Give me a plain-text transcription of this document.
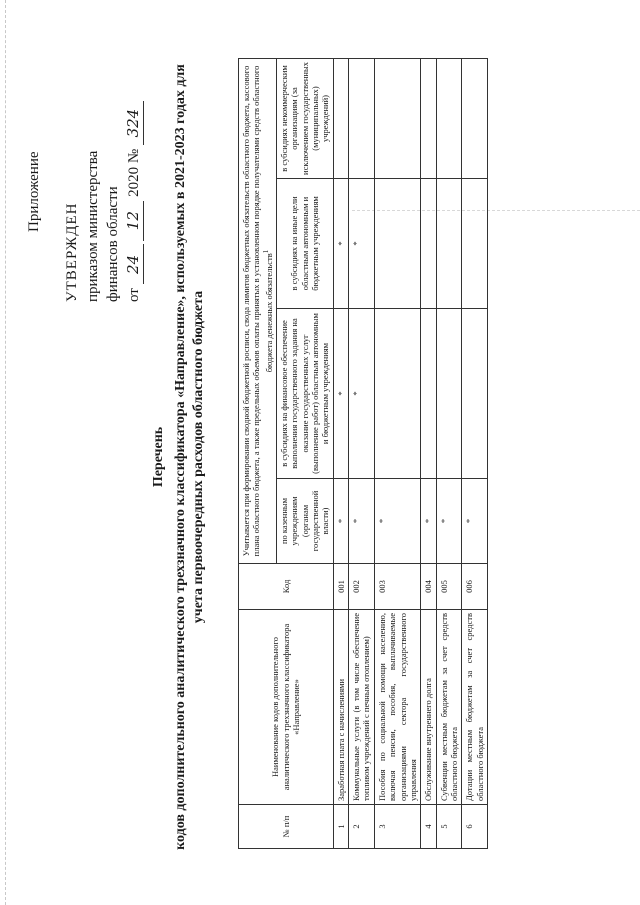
Приложение
УТВЕРЖДЕН приказом министерства финансов области от 24 12 2020 № 324
Перечень кодов дополнительного аналитического трехзначного классификатора «Направление», используемых в 2021-2023 годах для учета первоочередных расходов областного бюджета
№ п/п	Наименование кодов дополнительного аналитического трехзначного классификатора «Направление»	Код	Учитывается при формировании сводной бюджетной росписи, свода лимитов бюджетных обязательств областного бюджета, кассового плана областного бюджета, а также предельных объемов оплаты принятых в установленном порядке получателями средств областного бюджета денежных обязательств$^1$
			по казенным учреждениям (органам государственной власти)	в субсидиях на финансовое обеспечение выполнения государственного задания на оказание государственных услуг (выполнение работ) областным автономным и бюджетным учреждениям	в субсидиях на иные цели областным автономным и бюджетным учреждениям	в субсидиях некоммерческим организациям (за исключением государственных (муниципальных) учреждений)
1	Заработная плата с начислениями	001	*	*	*	
2	Коммунальные услуги (в том числе обеспечение топливом учреждений с печным отоплением)	002	*	*	*	
3	Пособия по социальной помощи населению, включая пенсии, пособия, выплачиваемые организациями сектора государственного управления	003	*			
4	Обслуживание внутреннего долга	004	*			
5	Субвенции местным бюджетам за счет средств областного бюджета	005	*			
6	Дотации местным бюджетам за счет средств областного бюджета	006	*			
